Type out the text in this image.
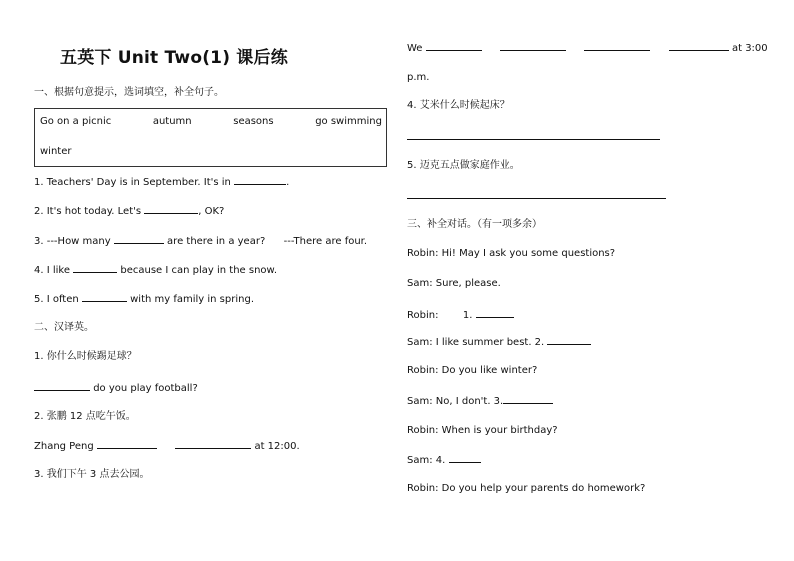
五英下 Unit Two(1) 课后练
一、根据句意提示，选词填空，补全句子。
Go on a picnic	autumn	seasons	go swimming
winter
1. Teachers' Day is in September. It's in	.
2. It's hot today. Let's	, OK?
3. ---How many	are there in a year? ---There are four.
4. I like	because I can play in the snow.
5. I often	with my family in spring.
二、汉译英。
1. 你什么时候踢足球？
do you play football?
2. 张鹏 12 点吃午饭。
Zhang Peng	at 12:00.
3. 我们下午 3 点去公园。
We	at 3:00
p.m.
4. 艾米什么时候起床？
5. 迈克五点做家庭作业。
三、补全对话。（有一项多余）
Robin: Hi! May I ask you some questions?
Sam: Sure, please.
Robin: 1.
Sam: I like summer best. 2.
Robin: Do you like winter?
Sam: No, I don't. 3.
Robin: When is your birthday?
Sam: 4.
Robin: Do you help your parents do homework?
